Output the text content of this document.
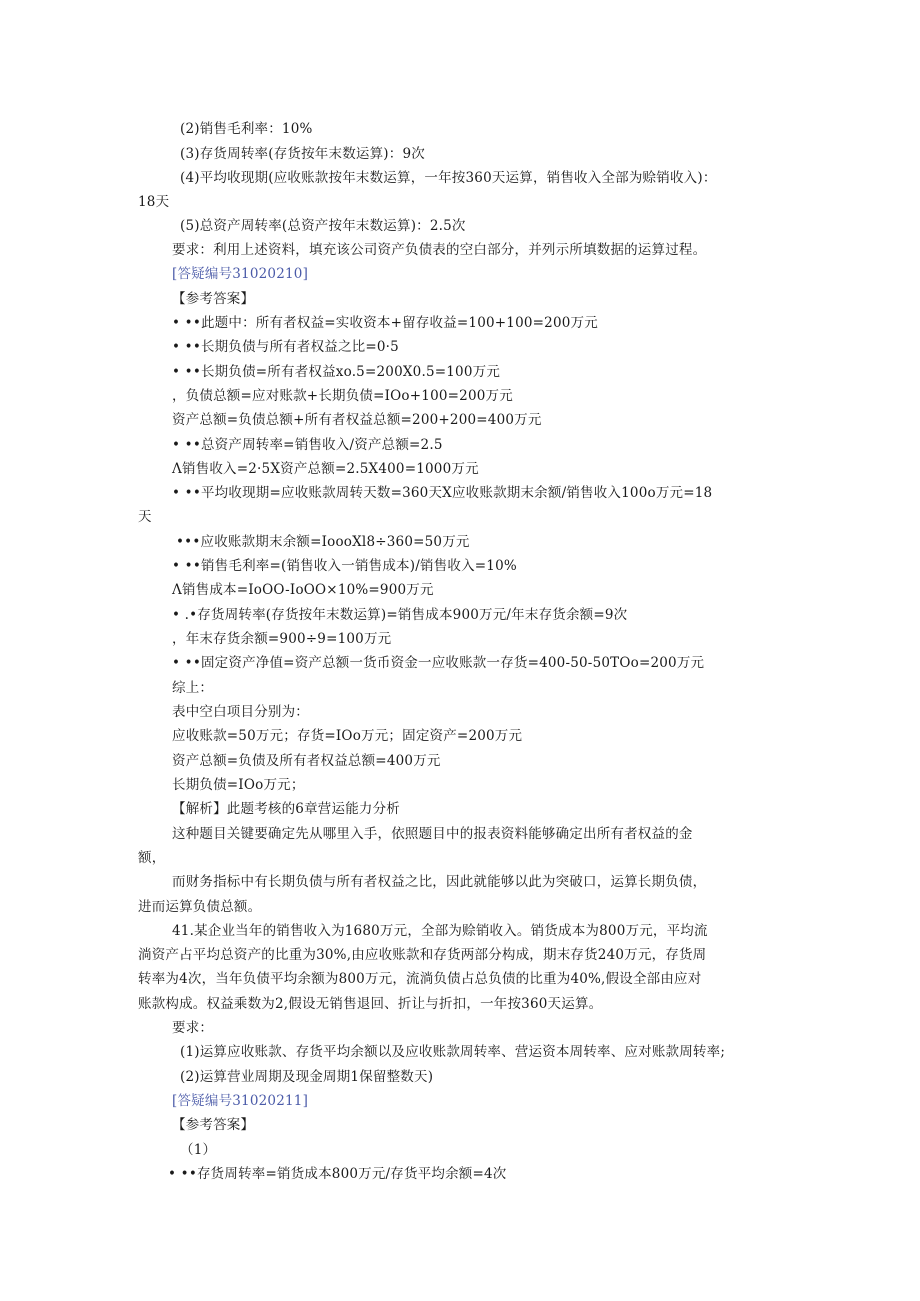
(2)销售毛利率：10%
(3)存货周转率(存货按年末数运算)：9次
(4)平均收现期(应收账款按年末数运算，一年按360天运算，销售收入全部为赊销收入)：
18天
(5)总资产周转率(总资产按年末数运算)：2.5次
要求：利用上述资料，填充该公司资产负债表的空白部分，并列示所填数据的运算过程。
[答疑编号31020210]
【参考答案】
• ••此题中：所有者权益=实收资本+留存收益=100+100=200万元
• ••长期负债与所有者权益之比=0·5
• ••长期负债=所有者权益xo.5=200X0.5=100万元
，负债总额=应对账款+长期负债=IOo+100=200万元
资产总额=负债总额+所有者权益总额=200+200=400万元
• ••总资产周转率=销售收入/资产总额=2.5
Λ销售收入=2·5X资产总额=2.5X400=1000万元
• ••平均收现期=应收账款周转天数=360天X应收账款期末余额/销售收入100o万元=18
天
•••应收账款期末余额=IoooXl8÷360=50万元
• ••销售毛利率=(销售收入一销售成本)/销售收入=10%
Λ销售成本=IoOO-IoOO×10%=900万元
• .•存货周转率(存货按年末数运算)=销售成本900万元/年末存货余额=9次
，年末存货余额=900÷9=100万元
• ••固定资产净值=资产总额一货币资金一应收账款一存货=400-50-50TOo=200万元
综上：
表中空白项目分别为：
应收账款=50万元；存货=IOo万元；固定资产=200万元
资产总额=负债及所有者权益总额=400万元
长期负债=IOo万元；
【解析】此题考核的6章营运能力分析
这种题目关键要确定先从哪里入手，依照题目中的报表资料能够确定出所有者权益的金
额，
而财务指标中有长期负债与所有者权益之比，因此就能够以此为突破口，运算长期负债，
进而运算负债总额。
41.某企业当年的销售收入为1680万元，全部为赊销收入。销货成本为800万元，平均流
淌资产占平均总资产的比重为30%,由应收账款和存货两部分构成，期末存货240万元，存货周
转率为4次，当年负债平均余额为800万元，流淌负债占总负债的比重为40%,假设全部由应对
账款构成。权益乘数为2,假设无销售退回、折让与折扣，一年按360天运算。
要求：
(1)运算应收账款、存货平均余额以及应收账款周转率、营运资本周转率、应对账款周转率;
(2)运算营业周期及现金周期1保留整数天)
[答疑编号31020211]
【参考答案】
（1）
• ••存货周转率=销货成本800万元/存货平均余额=4次
